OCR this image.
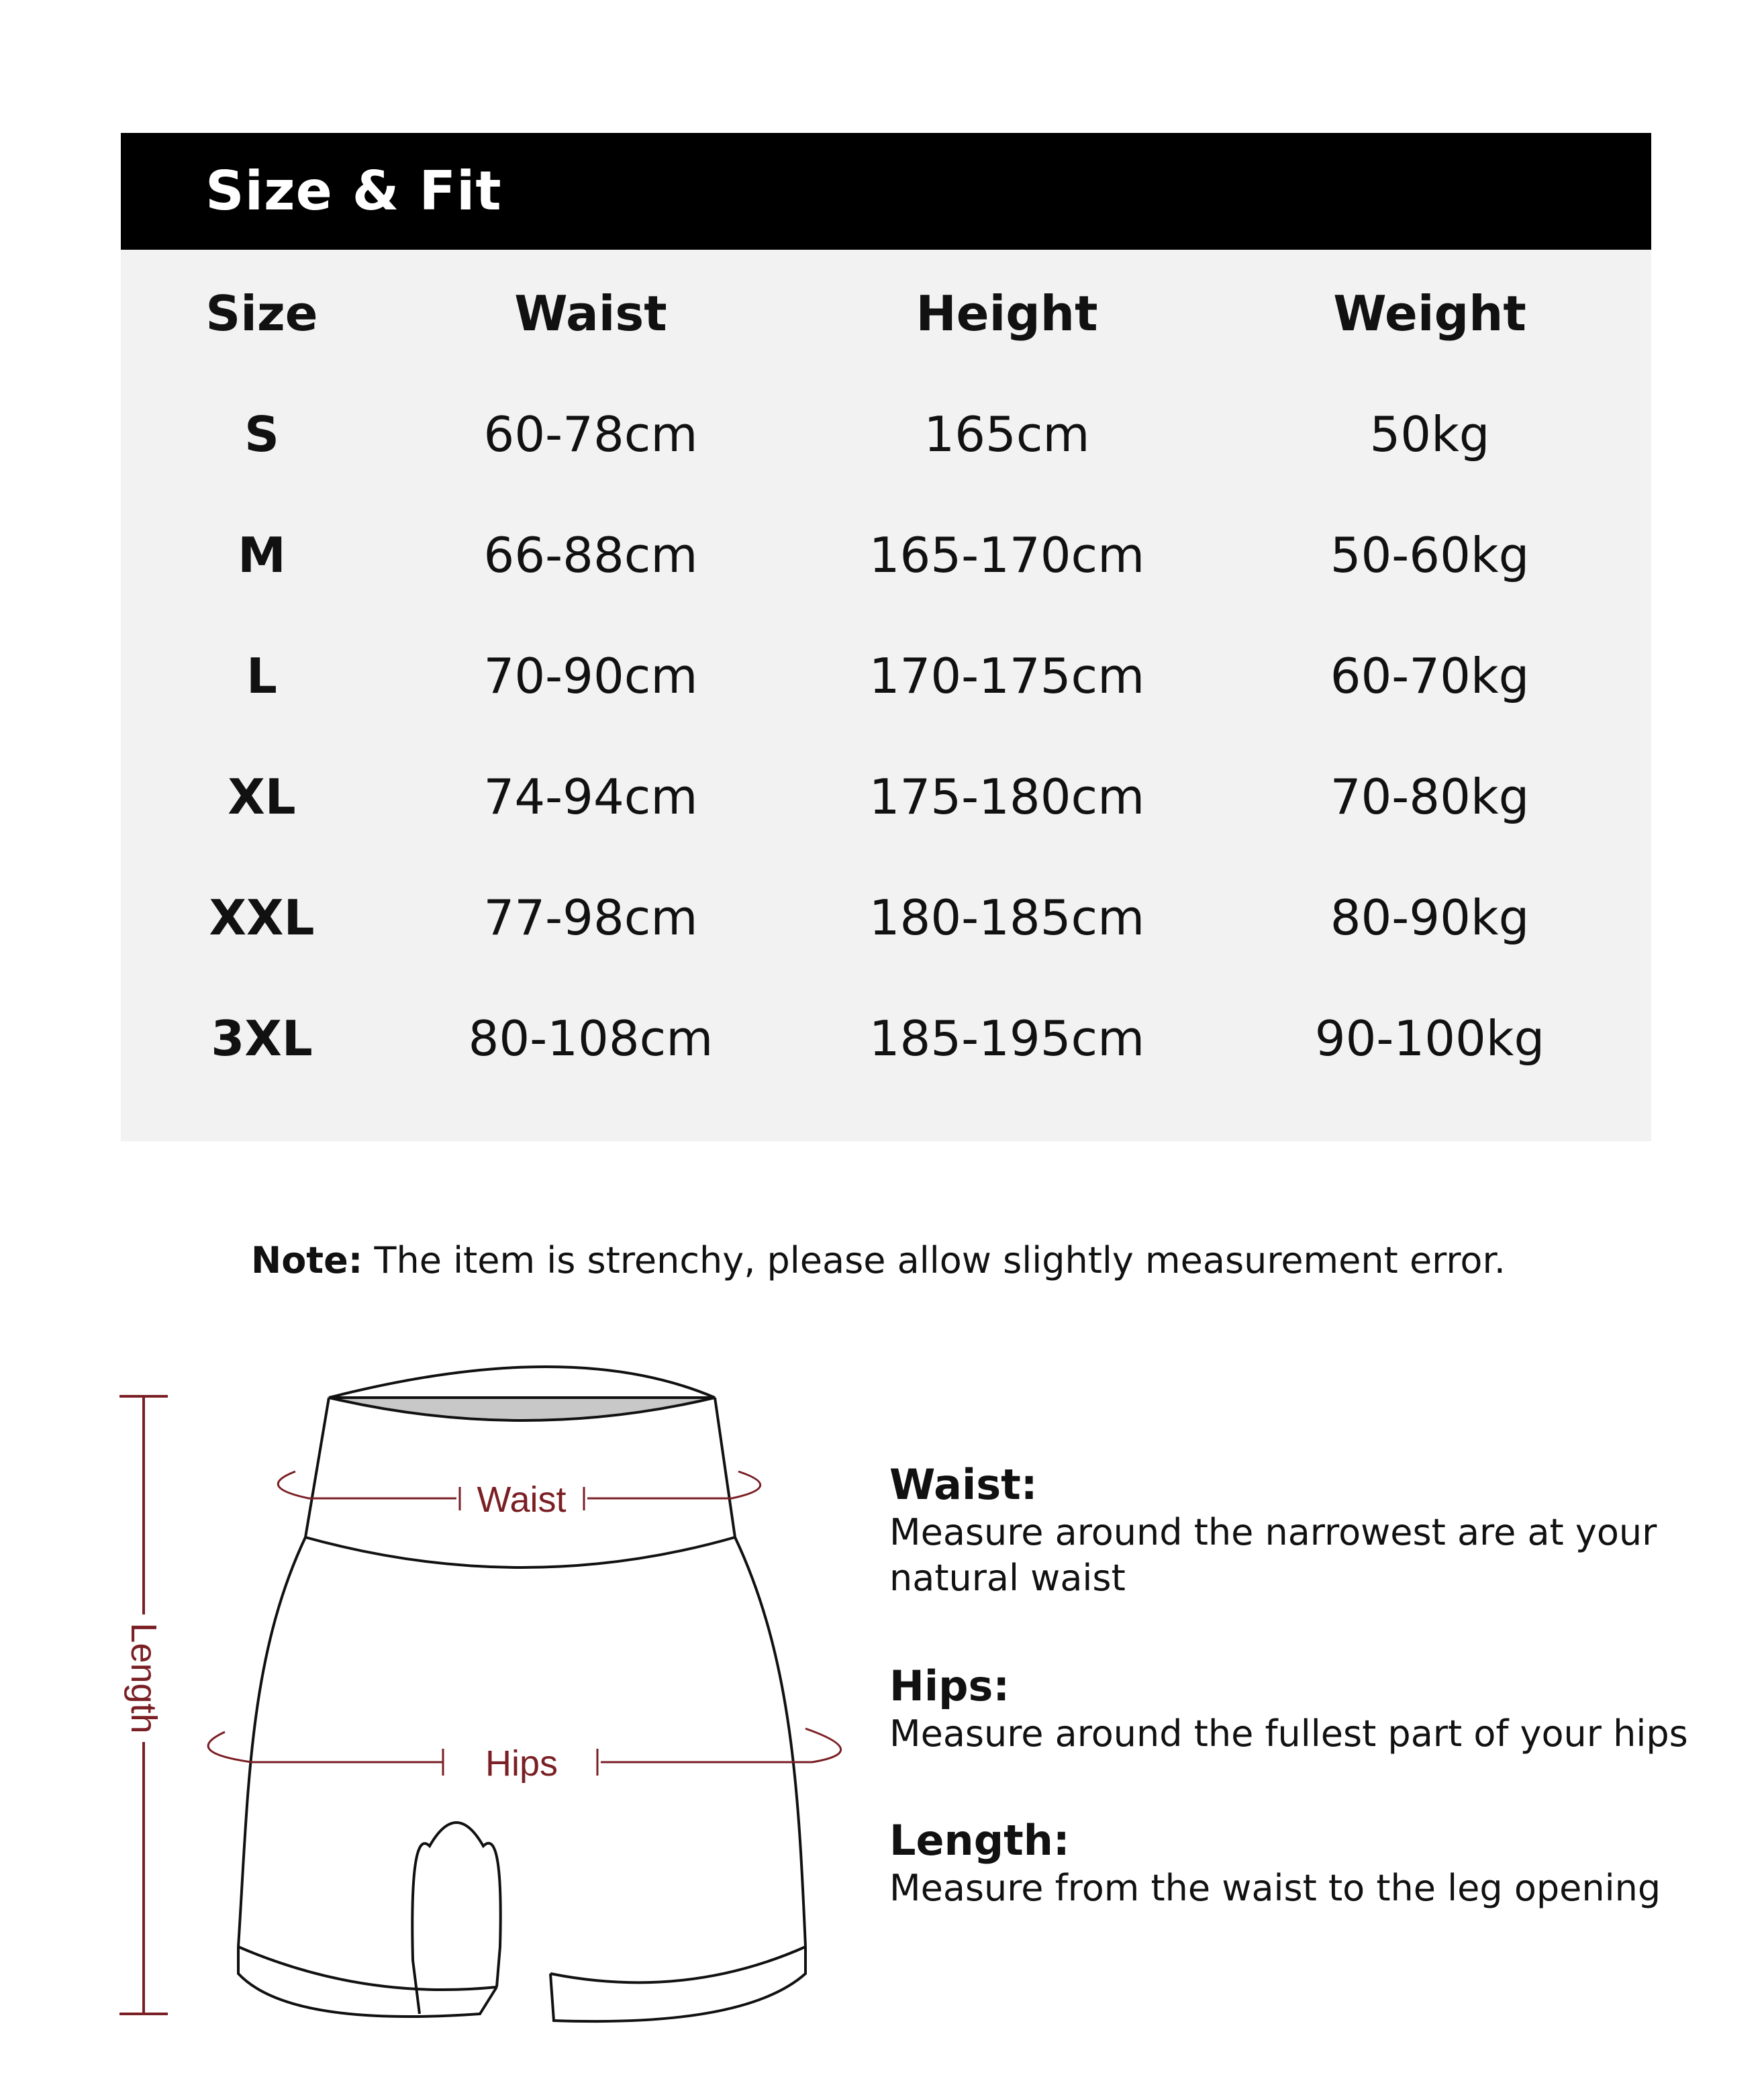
Size & Fit
Size	Waist	Height	Weight
S	60-78cm	165cm	50kg
M	66-88cm	165-170cm	50-60kg
L	70-90cm	170-175cm	60-70kg
XL	74-94cm	175-180cm	70-80kg
XXL	77-98cm	180-185cm	80-90kg
3XL	80-108cm	185-195cm	90-100kg
Note: The item is strenchy, please allow slightly measurement error.
Length
Waist
Hips
Waist:
Measure around the narrowest are at your natural waist
Hips:
Measure around the fullest part of your hips
Length:
Measure from the waist to the leg opening
